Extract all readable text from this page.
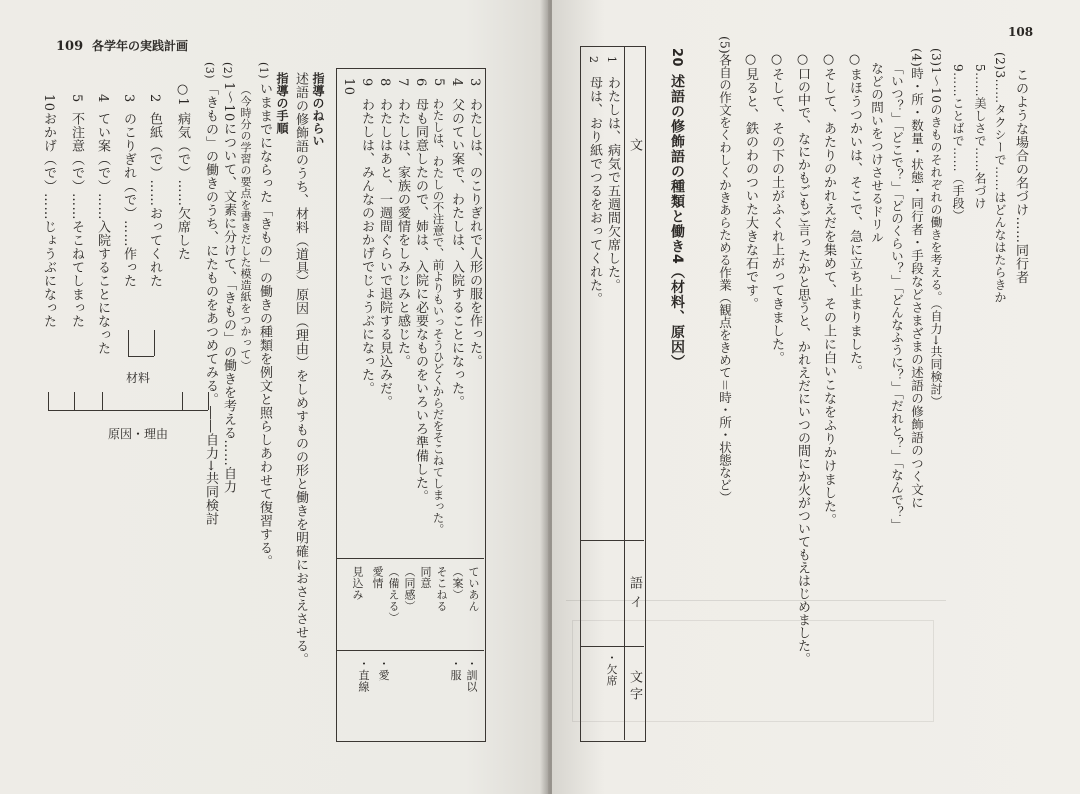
109 各学年の実践計画
3
わたしは、のこりぎれで人形の服を作った。
4
父のてい案で、わたしは、入院することになった。
5
わたしは、わたしの不注意で、前よりもいっそうひどくからだをそこねてしまった。
6
母も同意したので、姉は、入院に必要なものをいろいろ準備した。
7
わたしは、家族の愛情をしみじみと感じた。
8
わたしはあと、一週間ぐらいで退院する見込みだ。
9
わたしは、みんなのおかげでじょうぶになった。
10
ていあん
（案）
そこねる
同意
（同感）
（備える）
愛情
見込み
・訓以
・服
・愛
・直線
指導のねらい
述語の修飾語のうち、材料（道具）原因（理由）をしめすものの形と働きを明確におさえさせる。
指導の手順
(1)
いままでにならった「きもの」の働きの種類を例文と照らしあわせて復習する。
（今時分の学習の要点を書きだした模造紙をつかって）
(2)
1〜10について、文素に分けて、「きもの」の働きを考える……自力
(3)
「きもの」の働きのうち、にたものをあつめてみる。――自力→共同検討
○1
病気（で）……欠席した
2
色紙（で）……おってくれた
3
のこりぎれ（で）……作った
4
てい案（で）……入院することになった
5
不注意（で）……そこねてしまった
10
おかげ（で）……じょうぶになった
材料
原因・理由
108
このような場合の名づけ……同行者
(2)3……タクシーで……はどんなはたらきか
5……美しさで……名づけ
9……ことばで……（手段）
(3)1〜10のきものそれぞれの働きを考える。（自力→共同検討）
(4)時・所・数量・状態・同行者・手段などさまざまの述語の修飾語のつく文に
「いつ？」「どこで？」「どのくらい？」「どんなふうに？」「だれと？」「なんで？」
などの問いをつけさせるドリル
○まほうつかいは、そこで、急に立ち止まりました。
○そして、あたりのかれえだを集めて、その上に白いこなをふりかけました。
○口の中で、なにかもごもご言ったかと思うと、かれえだにいつの間にか火がついてもえはじめました。
○そして、その下の土がふくれ上がってきました。
○見ると、鉄のわのついた大きな石です。
(5)各自の作文をくわしくかきあらためる作業（観点をきめて＝時・所・状態など）
20
述語の修飾語の種類と働き4（材料、原因）
文
語イ
文字
1
わたしは、病気で五週間欠席した。
2
母は、おり紙でつるをおってくれた。
・欠席
